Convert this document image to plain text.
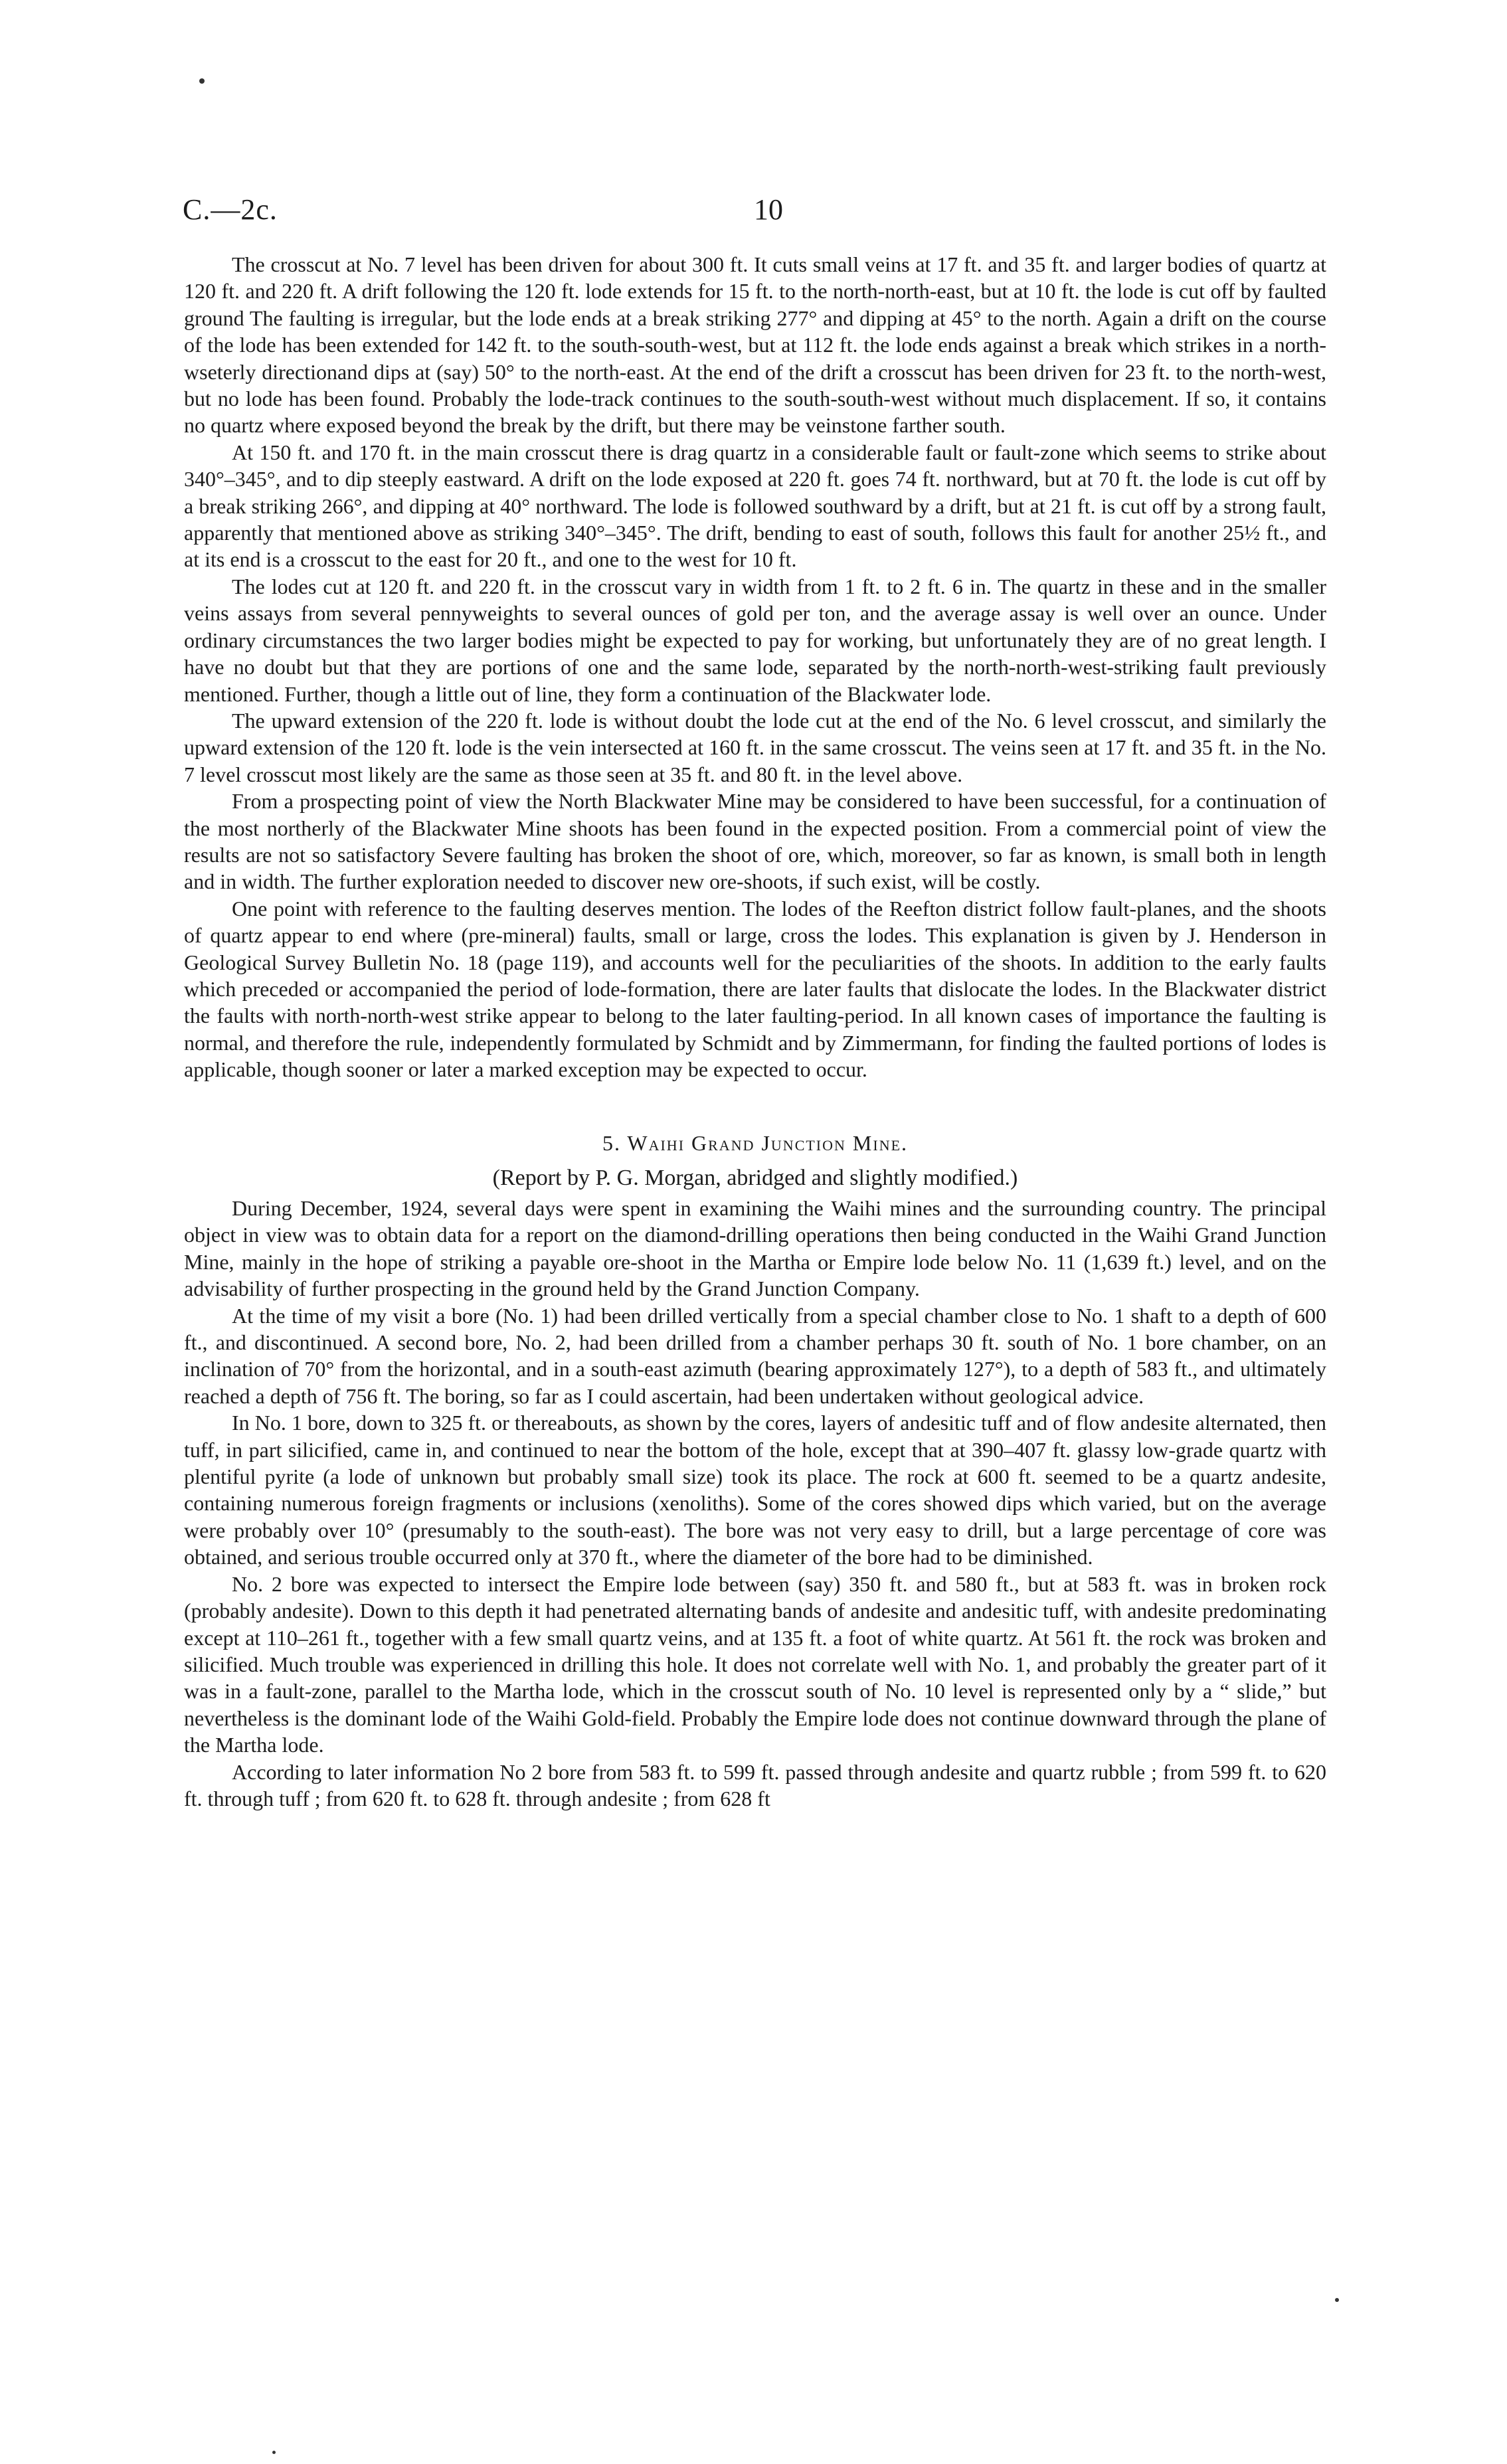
C.—2c.	10

The crosscut at No. 7 level has been driven for about 300 ft. It cuts small veins at 17 ft. and 35 ft. and larger bodies of quartz at 120 ft. and 220 ft. A drift following the 120 ft. lode extends for 15 ft. to the north-north-east, but at 10 ft. the lode is cut off by faulted ground The faulting is irregular, but the lode ends at a break striking 277° and dipping at 45° to the north. Again a drift on the course of the lode has been extended for 142 ft. to the south-south-west, but at 112 ft. the lode ends against a break which strikes in a north-wseterly directionand dips at (say) 50° to the north-east. At the end of the drift a crosscut has been driven for 23 ft. to the north-west, but no lode has been found. Probably the lode-track continues to the south-south-west without much displacement. If so, it contains no quartz where exposed beyond the break by the drift, but there may be veinstone farther south.

At 150 ft. and 170 ft. in the main crosscut there is drag quartz in a considerable fault or fault-zone which seems to strike about 340°–345°, and to dip steeply eastward. A drift on the lode exposed at 220 ft. goes 74 ft. northward, but at 70 ft. the lode is cut off by a break striking 266°, and dipping at 40° northward. The lode is followed southward by a drift, but at 21 ft. is cut off by a strong fault, apparently that mentioned above as striking 340°–345°. The drift, bending to east of south, follows this fault for another 25½ ft., and at its end is a crosscut to the east for 20 ft., and one to the west for 10 ft.

The lodes cut at 120 ft. and 220 ft. in the crosscut vary in width from 1 ft. to 2 ft. 6 in. The quartz in these and in the smaller veins assays from several pennyweights to several ounces of gold per ton, and the average assay is well over an ounce. Under ordinary circumstances the two larger bodies might be expected to pay for working, but unfortunately they are of no great length. I have no doubt but that they are portions of one and the same lode, separated by the north-north-west-striking fault previously mentioned. Further, though a little out of line, they form a continuation of the Blackwater lode.

The upward extension of the 220 ft. lode is without doubt the lode cut at the end of the No. 6 level crosscut, and similarly the upward extension of the 120 ft. lode is the vein intersected at 160 ft. in the same crosscut. The veins seen at 17 ft. and 35 ft. in the No. 7 level crosscut most likely are the same as those seen at 35 ft. and 80 ft. in the level above.

From a prospecting point of view the North Blackwater Mine may be considered to have been successful, for a continuation of the most northerly of the Blackwater Mine shoots has been found in the expected position. From a commercial point of view the results are not so satisfactory Severe faulting has broken the shoot of ore, which, moreover, so far as known, is small both in length and in width. The further exploration needed to discover new ore-shoots, if such exist, will be costly.

One point with reference to the faulting deserves mention. The lodes of the Reefton district follow fault-planes, and the shoots of quartz appear to end where (pre-mineral) faults, small or large, cross the lodes. This explanation is given by J. Henderson in Geological Survey Bulletin No. 18 (page 119), and accounts well for the peculiarities of the shoots. In addition to the early faults which preceded or accompanied the period of lode-formation, there are later faults that dislocate the lodes. In the Blackwater district the faults with north-north-west strike appear to belong to the later faulting-period. In all known cases of importance the faulting is normal, and therefore the rule, independently formulated by Schmidt and by Zimmermann, for finding the faulted portions of lodes is applicable, though sooner or later a marked exception may be expected to occur.

5. Waihi Grand Junction Mine.
(Report by P. G. Morgan, abridged and slightly modified.)

During December, 1924, several days were spent in examining the Waihi mines and the surrounding country. The principal object in view was to obtain data for a report on the diamond-drilling operations then being conducted in the Waihi Grand Junction Mine, mainly in the hope of striking a payable ore-shoot in the Martha or Empire lode below No. 11 (1,639 ft.) level, and on the advisability of further prospecting in the ground held by the Grand Junction Company.

At the time of my visit a bore (No. 1) had been drilled vertically from a special chamber close to No. 1 shaft to a depth of 600 ft., and discontinued. A second bore, No. 2, had been drilled from a chamber perhaps 30 ft. south of No. 1 bore chamber, on an inclination of 70° from the horizontal, and in a south-east azimuth (bearing approximately 127°), to a depth of 583 ft., and ultimately reached a depth of 756 ft. The boring, so far as I could ascertain, had been undertaken without geological advice.

In No. 1 bore, down to 325 ft. or thereabouts, as shown by the cores, layers of andesitic tuff and of flow andesite alternated, then tuff, in part silicified, came in, and continued to near the bottom of the hole, except that at 390–407 ft. glassy low-grade quartz with plentiful pyrite (a lode of unknown but probably small size) took its place. The rock at 600 ft. seemed to be a quartz andesite, containing numerous foreign fragments or inclusions (xenoliths). Some of the cores showed dips which varied, but on the average were probably over 10° (presumably to the south-east). The bore was not very easy to drill, but a large percentage of core was obtained, and serious trouble occurred only at 370 ft., where the diameter of the bore had to be diminished.

No. 2 bore was expected to intersect the Empire lode between (say) 350 ft. and 580 ft., but at 583 ft. was in broken rock (probably andesite). Down to this depth it had penetrated alternating bands of andesite and andesitic tuff, with andesite predominating except at 110–261 ft., together with a few small quartz veins, and at 135 ft. a foot of white quartz. At 561 ft. the rock was broken and silicified. Much trouble was experienced in drilling this hole. It does not correlate well with No. 1, and probably the greater part of it was in a fault-zone, parallel to the Martha lode, which in the crosscut south of No. 10 level is represented only by a “ slide,” but nevertheless is the dominant lode of the Waihi Gold-field. Probably the Empire lode does not continue downward through the plane of the Martha lode.

According to later information No 2 bore from 583 ft. to 599 ft. passed through andesite and quartz rubble ; from 599 ft. to 620 ft. through tuff ; from 620 ft. to 628 ft. through andesite ; from 628 ft
